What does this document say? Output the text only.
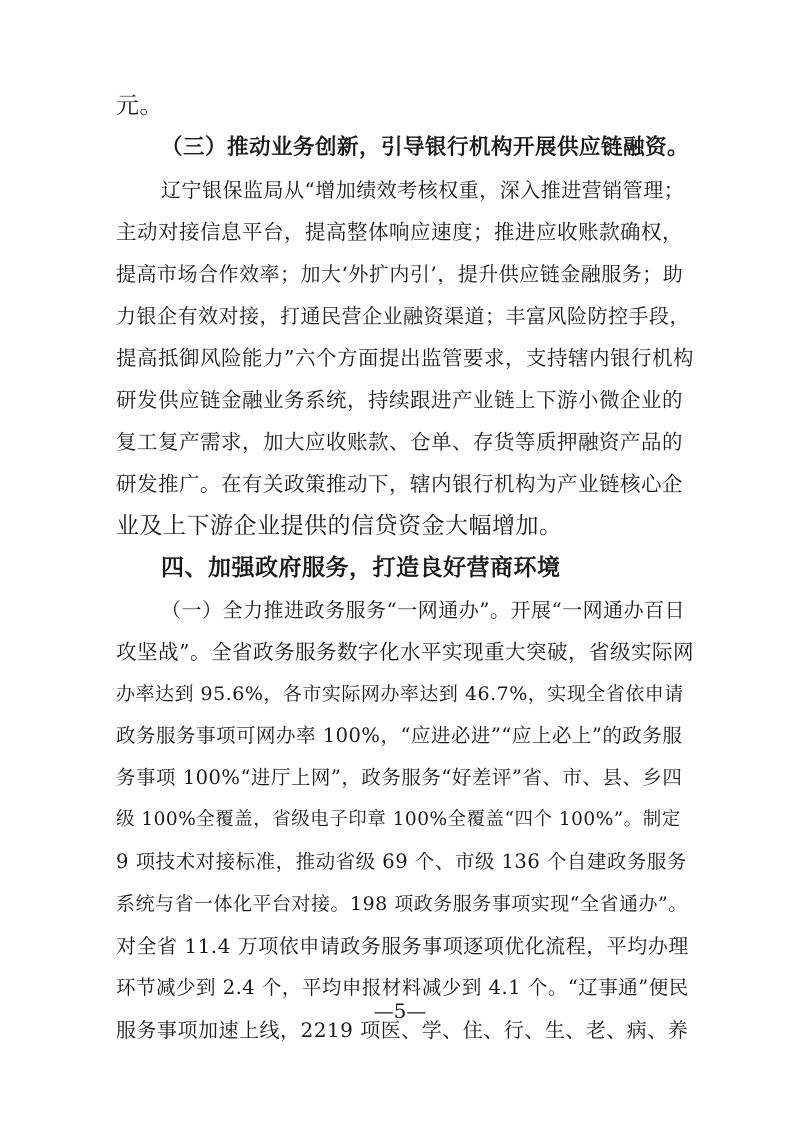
元。
（三）推动业务创新，引导银行机构开展供应链融资。
辽宁银保监局从“增加绩效考核权重，深入推进营销管理；
主动对接信息平台，提高整体响应速度；推进应收账款确权，
提高市场合作效率；加大‘外扩内引’，提升供应链金融服务；助
力银企有效对接，打通民营企业融资渠道；丰富风险防控手段，
提高抵御风险能力”六个方面提出监管要求，支持辖内银行机构
研发供应链金融业务系统，持续跟进产业链上下游小微企业的
复工复产需求，加大应收账款、仓单、存货等质押融资产品的
研发推广。在有关政策推动下，辖内银行机构为产业链核心企
业及上下游企业提供的信贷资金大幅增加。
四、加强政府服务，打造良好营商环境
（一）全力推进政务服务“一网通办”。开展“一网通办百日
攻坚战”。全省政务服务数字化水平实现重大突破，省级实际网
办率达到 95.6%，各市实际网办率达到 46.7%，实现全省依申请
政务服务事项可网办率 100%，“应进必进”“应上必上”的政务服
务事项 100%“进厅上网”，政务服务“好差评”省、市、县、乡四
级 100%全覆盖，省级电子印章 100%全覆盖“四个 100%”。制定
9 项技术对接标准，推动省级 69 个、市级 136 个自建政务服务
系统与省一体化平台对接。198 项政务服务事项实现“全省通办”。
对全省 11.4 万项依申请政务服务事项逐项优化流程，平均办理
环节减少到 2.4 个，平均申报材料减少到 4.1 个。“辽事通”便民
服务事项加速上线，2219 项医、学、住、行、生、老、病、养
—5—
